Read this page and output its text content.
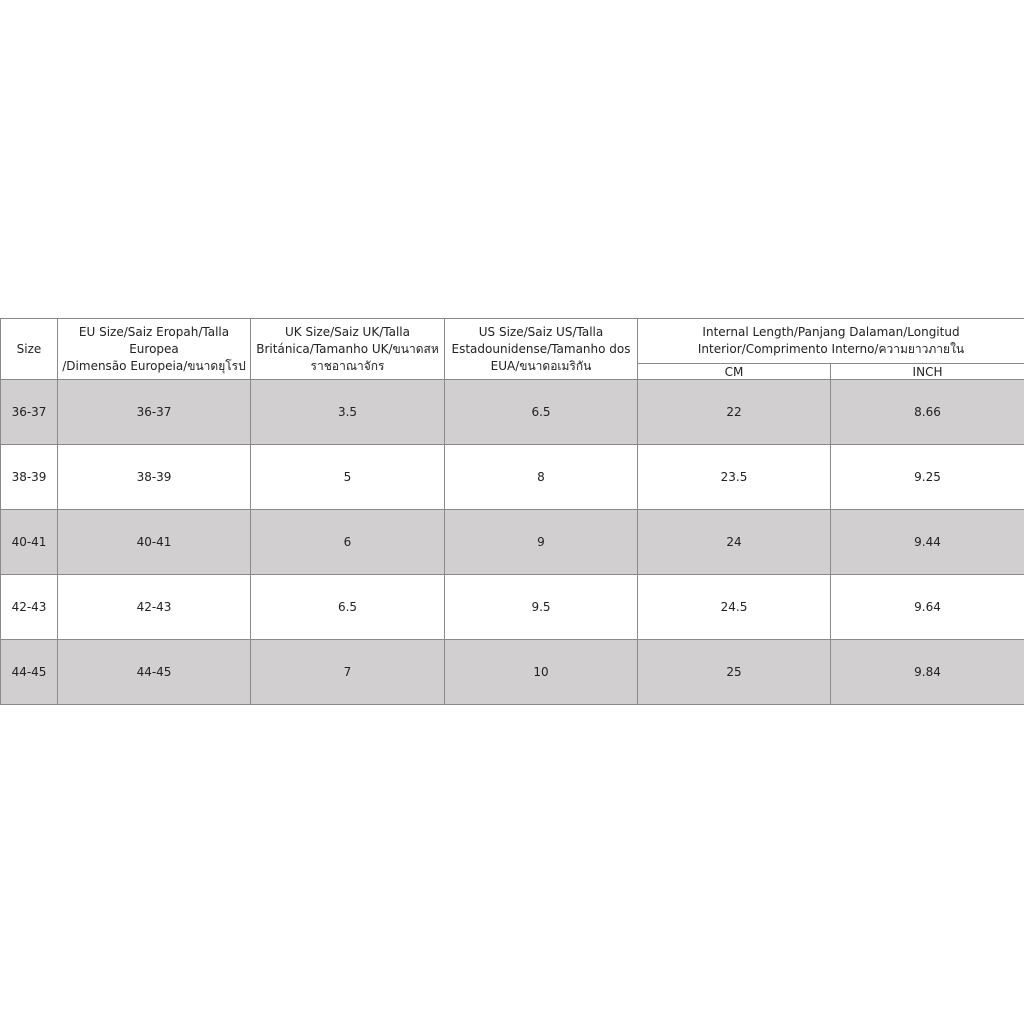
Size	EU Size/Saiz Eropah/Talla
Europea
/Dimensão Europeia/ขนาดยุโรป	UK Size/Saiz UK/Talla
Británica/Tamanho UK/ขนาดสห
ราชอาณาจักร	US Size/Saiz US/Talla
Estadounidense/Tamanho dos
EUA/ขนาดอเมริกัน	Internal Length/Panjang Dalaman/Longitud
Interior/Comprimento Interno/ความยาวภายใน	

				CM	INCH
36-37	36-37	3.5	6.5	22	8.66
38-39	38-39	5	8	23.5	9.25
40-41	40-41	6	9	24	9.44
42-43	42-43	6.5	9.5	24.5	9.64
44-45	44-45	7	10	25	9.84
